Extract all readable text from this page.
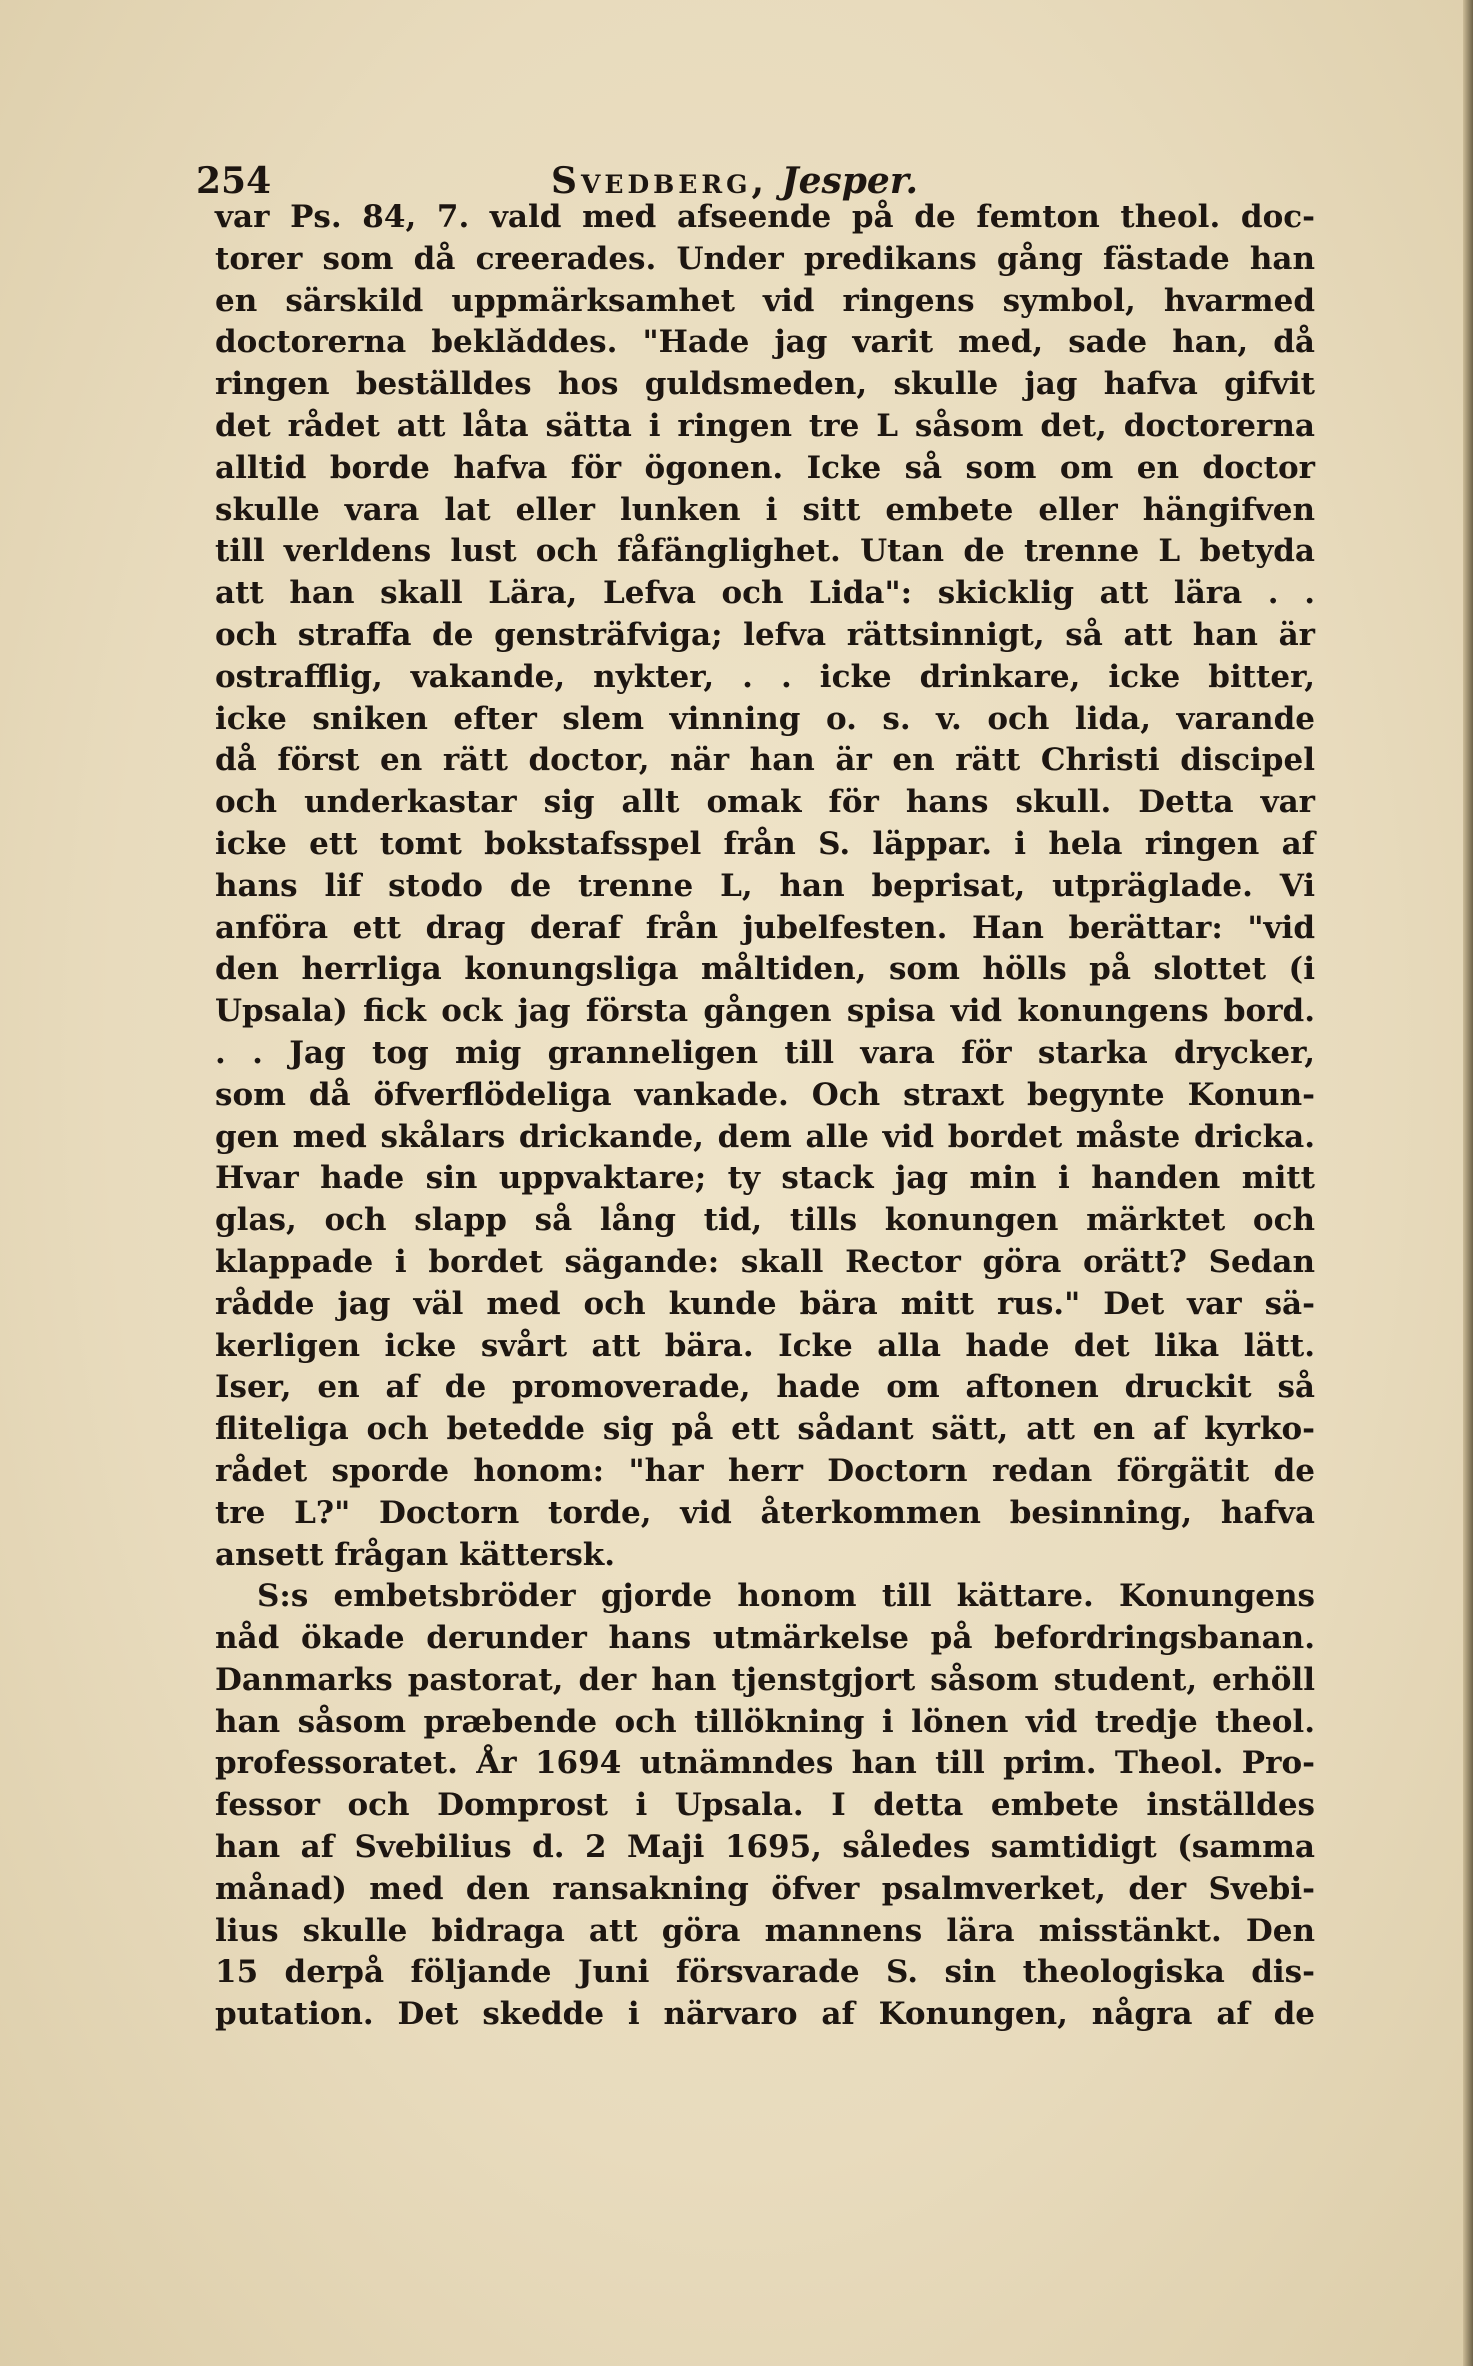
254	Svedberg, Jesper.
var Ps. 84, 7. vald med afseende på de femton theol. doc-
torer som då creerades. Under predikans gång fästade han
en särskild uppmärksamhet vid ringens symbol, hvarmed
doctorerna beklăddes. "Hade jag varit med, sade han, då
ringen beställdes hos guldsmeden, skulle jag hafva gifvit
det rådet att låta sätta i ringen tre L såsom det, doctorerna
alltid borde hafva för ögonen. Icke så som om en doctor
skulle vara lat eller lunken i sitt embete eller hängifven
till verldens lust och fåfänglighet. Utan de trenne L betyda
att han skall Lära, Lefva och Lida": skicklig att lära . .
och straffa de gensträfviga; lefva rättsinnigt, så att han är
ostrafflig, vakande, nykter, . . icke drinkare, icke bitter,
icke sniken efter slem vinning o. s. v. och lida, varande
då först en rätt doctor, när han är en rätt Christi discipel
och underkastar sig allt omak för hans skull. Detta var
icke ett tomt bokstafsspel från S. läppar. i hela ringen af
hans lif stodo de trenne L, han beprisat, utpräglade. Vi
anföra ett drag deraf från jubelfesten. Han berättar: "vid
den herrliga konungsliga måltiden, som hölls på slottet (i
Upsala) fick ock jag första gången spisa vid konungens bord.
. . Jag tog mig granneligen till vara för starka drycker,
som då öfverflödeliga vankade. Och straxt begynte Konun-
gen med skålars drickande, dem alle vid bordet måste dricka.
Hvar hade sin uppvaktare; ty stack jag min i handen mitt
glas, och slapp så lång tid, tills konungen märktet och
klappade i bordet sägande: skall Rector göra orätt? Sedan
rådde jag väl med och kunde bära mitt rus." Det var sä-
kerligen icke svårt att bära. Icke alla hade det lika lätt.
Iser, en af de promoverade, hade om aftonen druckit så
fliteliga och betedde sig på ett sådant sätt, att en af kyrko-
rådet sporde honom: "har herr Doctorn redan förgätit de
tre L?" Doctorn torde, vid återkommen besinning, hafva
ansett frågan kättersk.
S:s embetsbröder gjorde honom till kättare. Konungens
nåd ökade derunder hans utmärkelse på befordringsbanan.
Danmarks pastorat, der han tjenstgjort såsom student, erhöll
han såsom præbende och tillökning i lönen vid tredje theol.
professoratet. År 1694 utnämndes han till prim. Theol. Pro-
fessor och Domprost i Upsala. I detta embete inställdes
han af Svebilius d. 2 Maji 1695, således samtidigt (samma
månad) med den ransakning öfver psalmverket, der Svebi-
lius skulle bidraga att göra mannens lära misstänkt. Den
15 derpå följande Juni försvarade S. sin theologiska dis-
putation. Det skedde i närvaro af Konungen, några af de
